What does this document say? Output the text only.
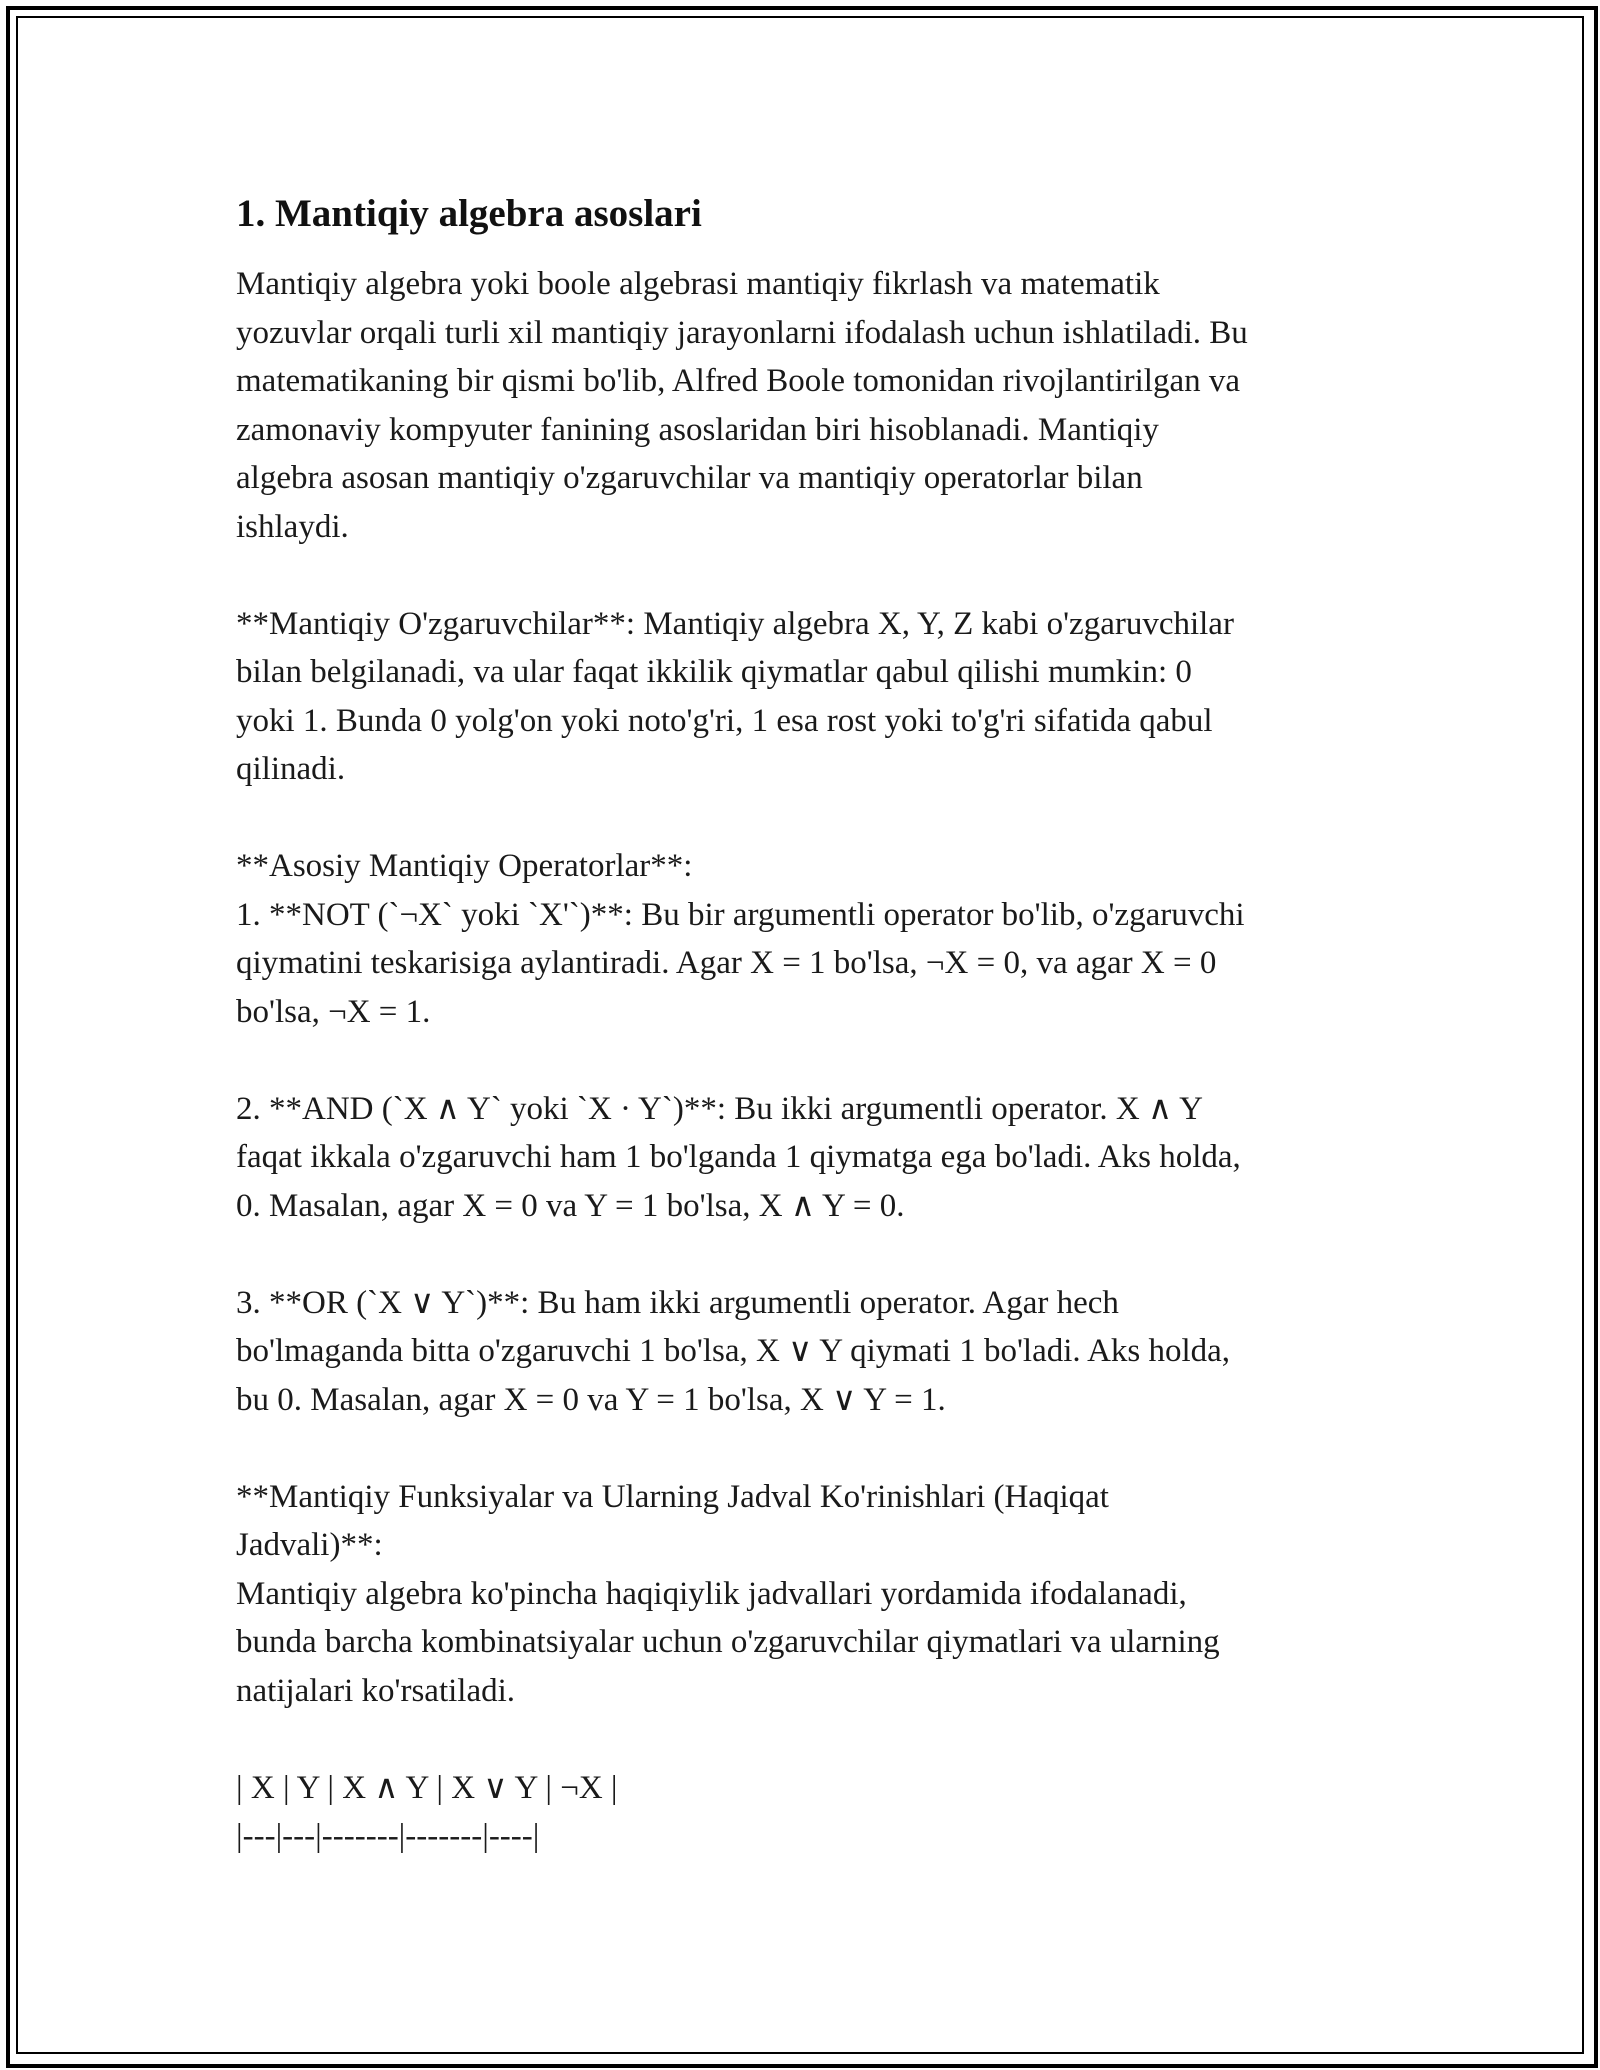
1. Mantiqiy algebra asoslari

Mantiqiy algebra yoki boole algebrasi mantiqiy fikrlash va matematik
yozuvlar orqali turli xil mantiqiy jarayonlarni ifodalash uchun ishlatiladi. Bu
matematikaning bir qismi bo'lib, Alfred Boole tomonidan rivojlantirilgan va
zamonaviy kompyuter fanining asoslaridan biri hisoblanadi. Mantiqiy
algebra asosan mantiqiy o'zgaruvchilar va mantiqiy operatorlar bilan
ishlaydi.

**Mantiqiy O'zgaruvchilar**: Mantiqiy algebra X, Y, Z kabi o'zgaruvchilar
bilan belgilanadi, va ular faqat ikkilik qiymatlar qabul qilishi mumkin: 0
yoki 1. Bunda 0 yolg'on yoki noto'g'ri, 1 esa rost yoki to'g'ri sifatida qabul
qilinadi.

**Asosiy Mantiqiy Operatorlar**:
1. **NOT (`¬X` yoki `X'`)**: Bu bir argumentli operator bo'lib, o'zgaruvchi
qiymatini teskarisiga aylantiradi. Agar X = 1 bo'lsa, ¬X = 0, va agar X = 0
bo'lsa, ¬X = 1.

2. **AND (`X ∧ Y` yoki `X · Y`)**: Bu ikki argumentli operator. X ∧ Y
faqat ikkala o'zgaruvchi ham 1 bo'lganda 1 qiymatga ega bo'ladi. Aks holda,
0. Masalan, agar X = 0 va Y = 1 bo'lsa, X ∧ Y = 0.

3. **OR (`X ∨ Y`)**: Bu ham ikki argumentli operator. Agar hech
bo'lmaganda bitta o'zgaruvchi 1 bo'lsa, X ∨ Y qiymati 1 bo'ladi. Aks holda,
bu 0. Masalan, agar X = 0 va Y = 1 bo'lsa, X ∨ Y = 1.

**Mantiqiy Funksiyalar va Ularning Jadval Ko'rinishlari (Haqiqat
Jadvali)**:
Mantiqiy algebra ko'pincha haqiqiylik jadvallari yordamida ifodalanadi,
bunda barcha kombinatsiyalar uchun o'zgaruvchilar qiymatlari va ularning
natijalari ko'rsatiladi.

| X | Y | X ∧ Y | X ∨ Y | ¬X |
|---|---|-------|-------|----|
